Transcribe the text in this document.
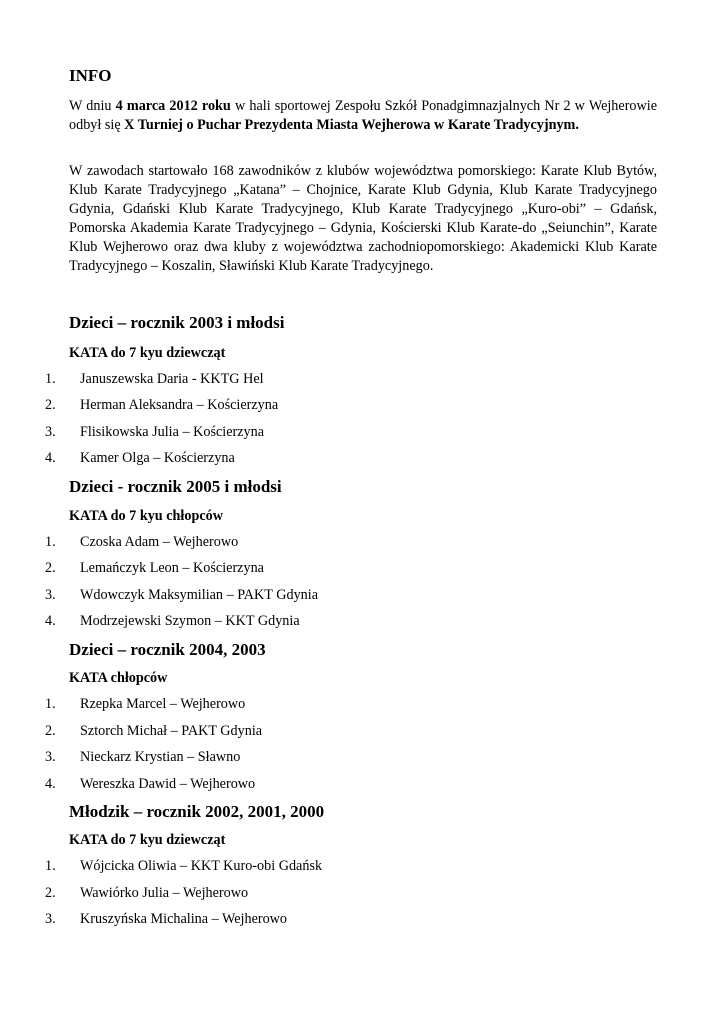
INFO

W dniu 4 marca 2012 roku w hali sportowej Zespołu Szkół Ponadgimnazjalnych Nr 2 w Wejherowie odbył się X Turniej o Puchar Prezydenta Miasta Wejherowa w Karate Tradycyjnym.

W zawodach startowało 168 zawodników z klubów województwa pomorskiego: Karate Klub Bytów, Klub Karate Tradycyjnego „Katana” – Chojnice, Karate Klub Gdynia, Klub Karate Tradycyjnego Gdynia, Gdański Klub Karate Tradycyjnego, Klub Karate Tradycyjnego „Kuro-obi” – Gdańsk, Pomorska Akademia Karate Tradycyjnego – Gdynia, Kościerski Klub Karate-do „Seiunchin”, Karate Klub Wejherowo oraz dwa kluby z województwa zachodniopomorskiego: Akademicki Klub Karate Tradycyjnego – Koszalin, Sławiński Klub Karate Tradycyjnego.

Dzieci – rocznik 2003 i młodsi
KATA do 7 kyu dziewcząt
1. Januszewska Daria - KKTG Hel
2. Herman Aleksandra – Kościerzyna
3. Flisikowska Julia – Kościerzyna
4. Kamer Olga – Kościerzyna
Dzieci - rocznik 2005 i młodsi
KATA do 7 kyu chłopców
1. Czoska Adam – Wejherowo
2. Lemańczyk Leon – Kościerzyna
3. Wdowczyk Maksymilian – PAKT Gdynia
4. Modrzejewski Szymon – KKT Gdynia
Dzieci – rocznik 2004, 2003
KATA chłopców
1. Rzepka Marcel – Wejherowo
2. Sztorch Michał – PAKT Gdynia
3. Nieckarz Krystian – Sławno
4. Wereszka Dawid – Wejherowo
Młodzik – rocznik 2002, 2001, 2000
KATA do 7 kyu dziewcząt
1. Wójcicka Oliwia – KKT Kuro-obi Gdańsk
2. Wawiórko Julia – Wejherowo
3. Kruszyńska Michalina – Wejherowo
